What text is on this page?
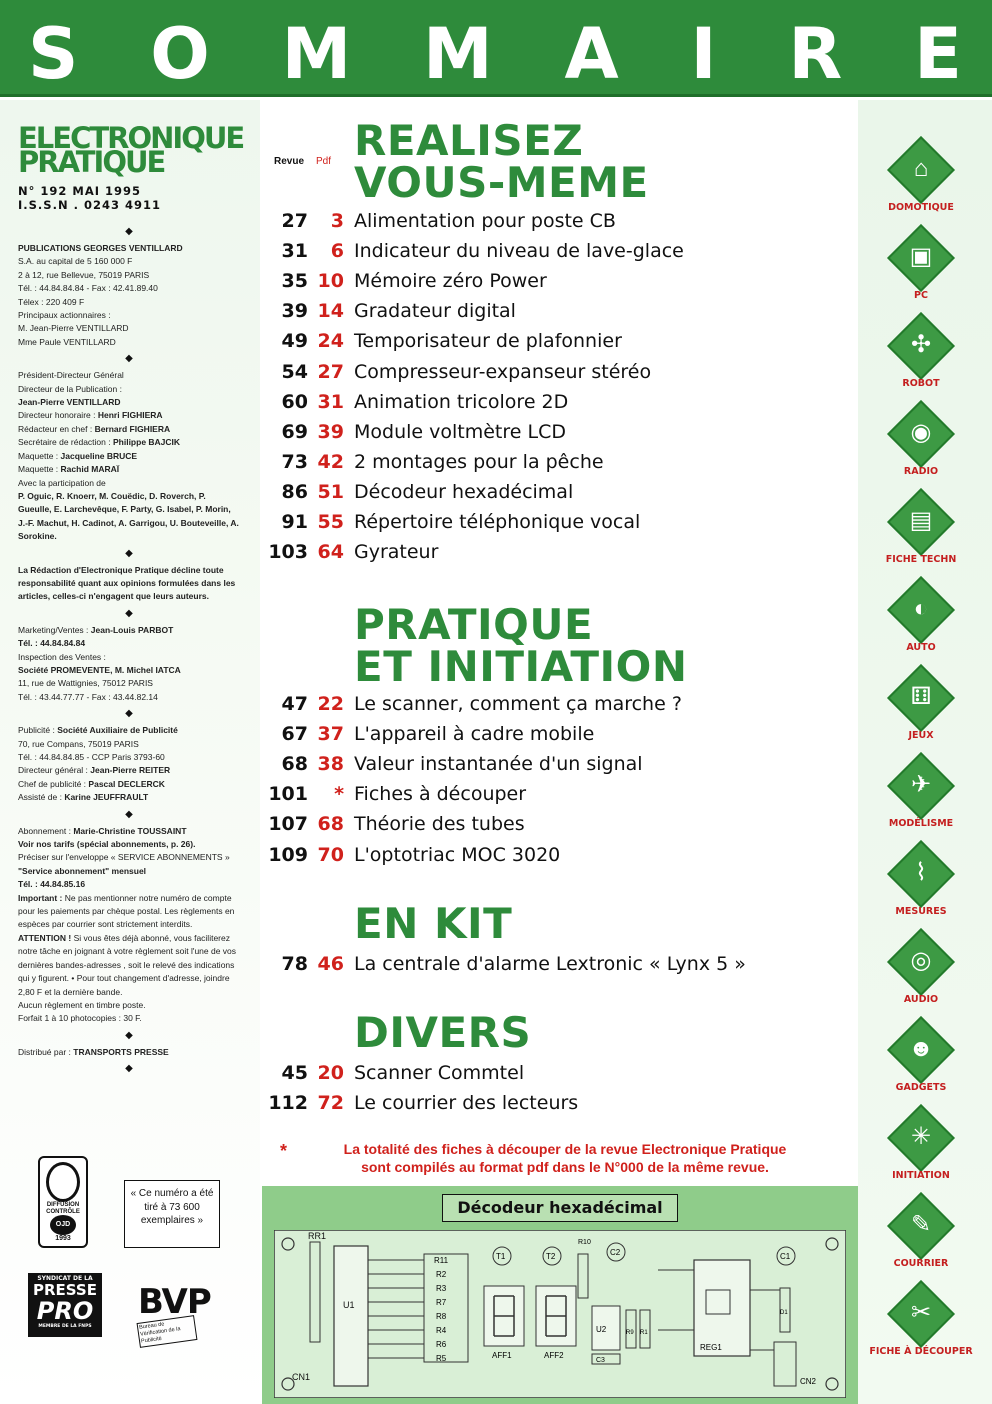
S O M M A I R E
ELECTRONIQUE
PRATIQUE
N° 192 MAI 1995
I.S.S.N . 0243 4911
◆

PUBLICATIONS GEORGES VENTILLARD

S.A. au capital de 5 160 000 F

2 à 12, rue Bellevue, 75019 PARIS

Tél. : 44.84.84.84 - Fax : 42.41.89.40

Télex : 220 409 F

Principaux actionnaires :

M. Jean-Pierre VENTILLARD

Mme Paule VENTILLARD

◆

Président-Directeur Général

Directeur de la Publication :

Jean-Pierre VENTILLARD

Directeur honoraire : Henri FIGHIERA

Rédacteur en chef : Bernard FIGHIERA

Secrétaire de rédaction : Philippe BAJCIK

Maquette : Jacqueline BRUCE

Maquette : Rachid MARAÏ

Avec la participation de

P. Oguic, R. Knoerr, M. Couëdic, D. Roverch, P. Gueulle, E. Larchevêque, F. Party, G. Isabel, P. Morin, J.-F. Machut, H. Cadinot, A. Garrigou, U. Bouteveille, A. Sorokine.

◆

La Rédaction d'Electronique Pratique décline toute responsabilité quant aux opinions formulées dans les articles, celles-ci n'engagent que leurs auteurs.

◆

Marketing/Ventes : Jean-Louis PARBOT

Tél. : 44.84.84.84

Inspection des Ventes :

Société PROMEVENTE, M. Michel IATCA

11, rue de Wattignies, 75012 PARIS

Tél. : 43.44.77.77 - Fax : 43.44.82.14

◆

Publicité : Société Auxiliaire de Publicité

70, rue Compans, 75019 PARIS

Tél. : 44.84.84.85 - CCP Paris 3793-60

Directeur général : Jean-Pierre REITER

Chef de publicité : Pascal DECLERCK

Assisté de : Karine JEUFFRAULT

◆

Abonnement : Marie-Christine TOUSSAINT

Voir nos tarifs (spécial abonnements, p. 26).

Préciser sur l'enveloppe « SERVICE ABONNEMENTS »

"Service abonnement" mensuel

Tél. : 44.84.85.16

Important : Ne pas mentionner notre numéro de compte pour les paiements par chèque postal. Les règlements en espèces par courrier sont strictement interdits.

ATTENTION ! Si vous êtes déjà abonné, vous faciliterez notre tâche en joignant à votre règlement soit l'une de vos dernières bandes-adresses , soit le relevé des indications qui y figurent. • Pour tout changement d'adresse, joindre 2,80 F et la dernière bande.

Aucun règlement en timbre poste.

Forfait 1 à 10 photocopies : 30 F.

◆

Distribué par : TRANSPORTS PRESSE

◆
DIFFUSION
CONTRÔLE
OJD
1993
« Ce numéro a été tiré à 73 600 exemplaires »
SYNDICAT DE LA
PRESSE
PRO
MEMBRE DE LA FNPS
BVP
Bureau de Vérification de la Publicité
Revue Pdf REALISEZ
VOUS-MEME
27	3 Alimentation pour poste CB
31	6 Indicateur du niveau de lave-glace
35 10 Mémoire zéro Power
39 14 Gradateur digital
49 24 Temporisateur de plafonnier
54 27 Compresseur-expanseur stéréo
60 31 Animation tricolore 2D
69 39 Module voltmètre LCD
73 42 2 montages pour la pêche
86 51 Décodeur hexadécimal
91 55 Répertoire téléphonique vocal
103 64 Gyrateur
PRATIQUE
ET INITIATION
47 22 Le scanner, comment ça marche ?
67 37 L'appareil à cadre mobile
68 38 Valeur instantanée d'un signal
101	* Fiches à découper
107 68 Théorie des tubes
109 70 L'optotriac MOC 3020
EN KIT
78 46 La centrale d'alarme Lextronic « Lynx 5 »
DIVERS
45 20 Scanner Commtel
112 72 Le courrier des lecteurs
*	La totalité des fiches à découper de la revue Electronique Pratique
sont compilés au format pdf dans le N°000 de la même revue.
Décodeur hexadécimal
RR1
U1
CN1
R11
R2
R3
R7
R8
R4
R6
R5
T1	T2
R10
C2
AFF1	AFF2
U2
C3
R9 R1
REG1
C1
D1
CN2
⌂
DOMOTIQUE
▣
PC
✣
ROBOT
◉
RADIO
▤
FICHE TECHN
◐
AUTO
⚅
JEUX
✈
MODÉLISME
⌇
MESURES
◎
AUDIO
☻
GADGETS
✳
INITIATION
✎
COURRIER
✂
FICHE À DÉCOUPER
